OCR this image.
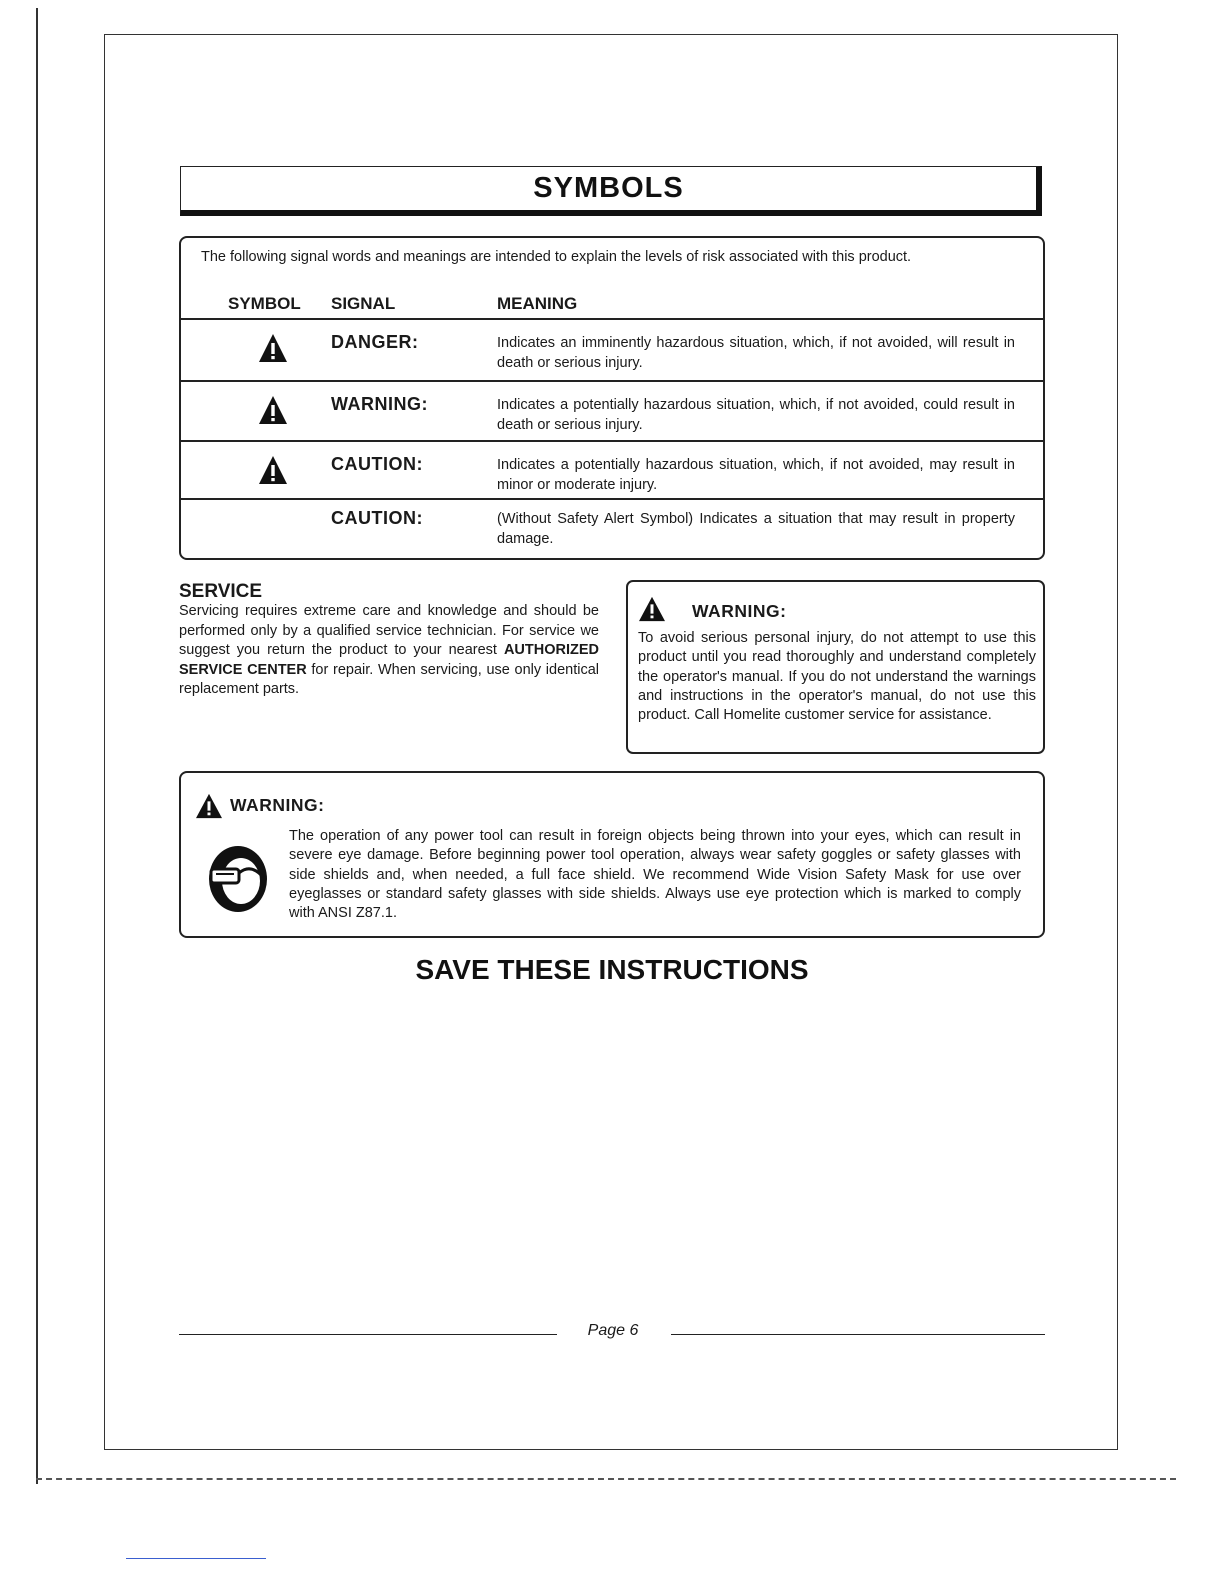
SYMBOLS
The following signal words and meanings are intended to explain the levels of risk associated with this product.
SYMBOL SIGNAL	MEANING
DANGER:	Indicates an imminently hazardous situation, which, if not avoided, will result in death or serious injury.
WARNING:	Indicates a potentially hazardous situation, which, if not avoided, could result in death or serious injury.
CAUTION:	Indicates a potentially hazardous situation, which, if not avoided, may result in minor or moderate injury.
CAUTION:	(Without Safety Alert Symbol) Indicates a situation that may result in property damage.
SERVICE
Servicing requires extreme care and knowledge and should be performed only by a qualified service technician. For service we suggest you return the product to your nearest AUTHORIZED SERVICE CENTER for repair. When servicing, use only identical replacement parts.
WARNING:
To avoid serious personal injury, do not attempt to use this product until you read thoroughly and understand completely the operator's manual. If you do not understand the warnings and instructions in the operator's manual, do not use this product. Call Homelite customer service for assistance.
WARNING:
The operation of any power tool can result in foreign objects being thrown into your eyes, which can result in severe eye damage. Before beginning power tool operation, always wear safety goggles or safety glasses with side shields and, when needed, a full face shield. We recommend Wide Vision Safety Mask for use over eyeglasses or standard safety glasses with side shields. Always use eye protection which is marked to comply with ANSI Z87.1.
SAVE THESE INSTRUCTIONS
Page 6
